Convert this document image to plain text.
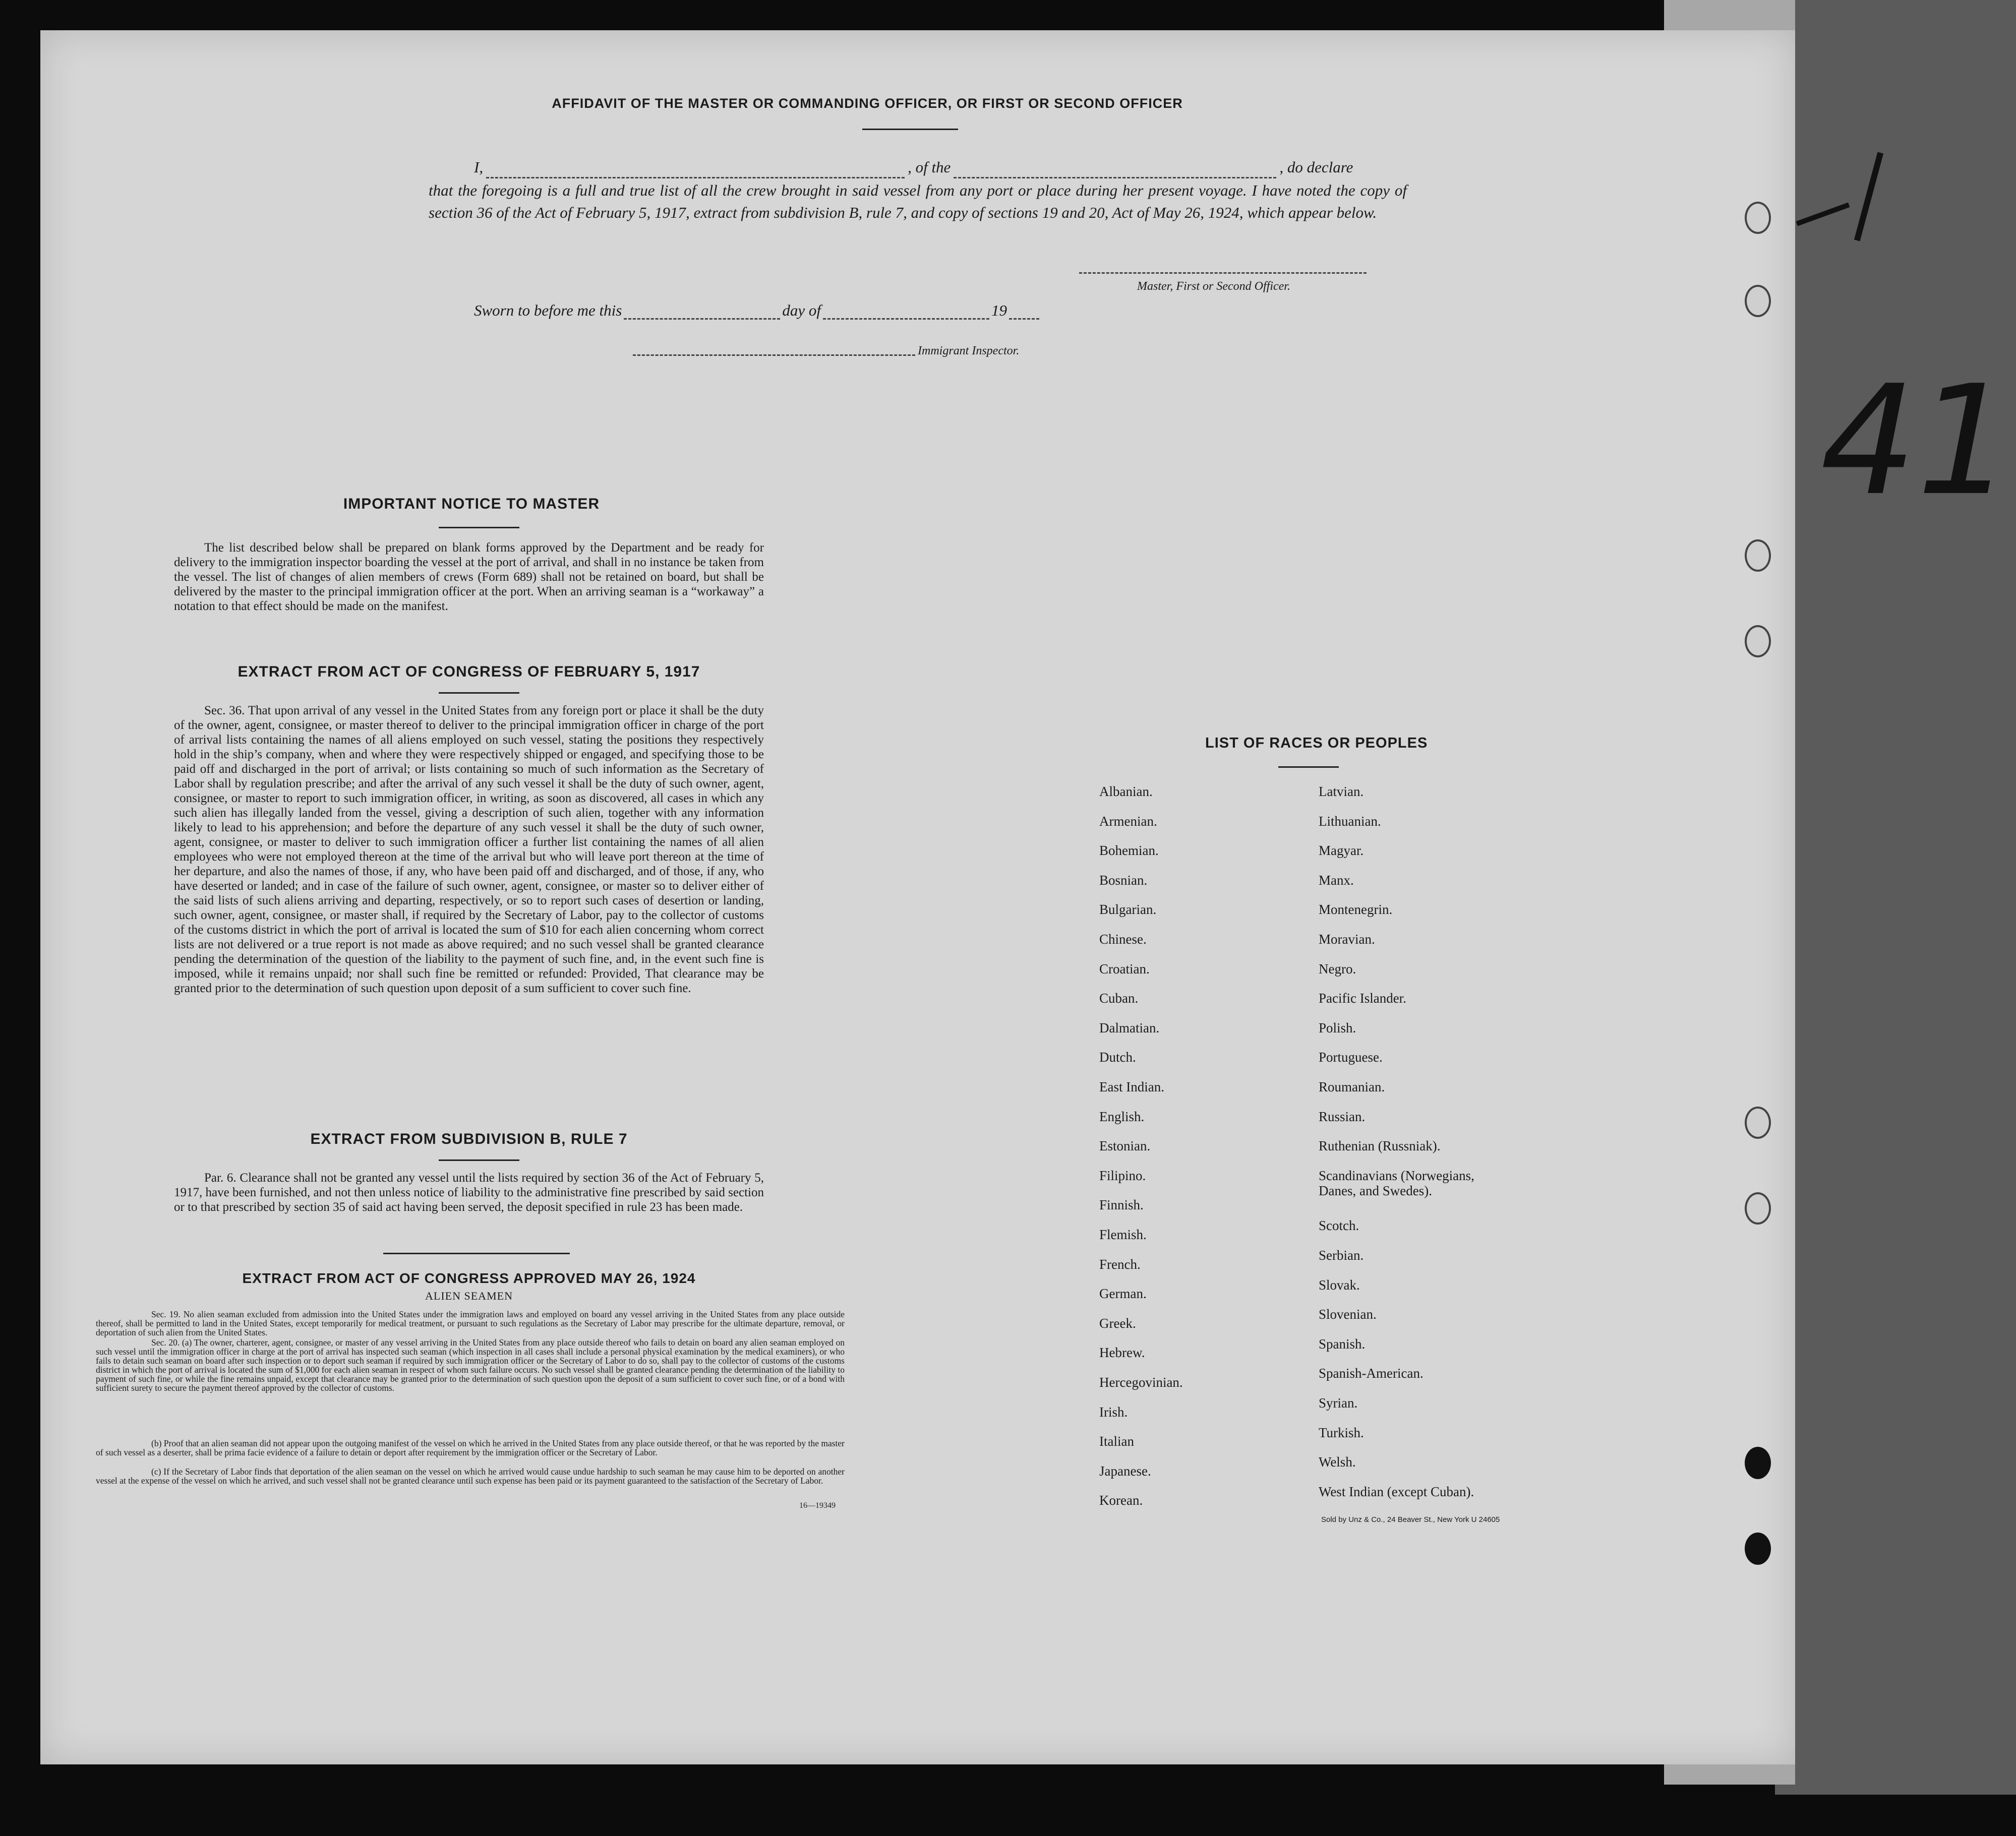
41
AFFIDAVIT OF THE MASTER OR COMMANDING OFFICER, OR FIRST OR SECOND OFFICER
I,	, of the	, do declare
that the foregoing is a full and true list of all the crew brought in said vessel from any port or place during her present voyage. I have noted the copy of section 36 of the Act of February 5, 1917, extract from subdivision B, rule 7, and copy of sections 19 and 20, Act of May 26, 1924, which appear below.
Master, First or Second Officer.
Sworn to before me this	day of	19
Immigrant Inspector.
IMPORTANT NOTICE TO MASTER
The list described below shall be prepared on blank forms approved by the Department and be ready for delivery to the immigration inspector boarding the vessel at the port of arrival, and shall in no instance be taken from the vessel. The list of changes of alien members of crews (Form 689) shall not be retained on board, but shall be delivered by the master to the principal immigration officer at the port. When an arriving seaman is a “workaway” a notation to that effect should be made on the manifest.
EXTRACT FROM ACT OF CONGRESS OF FEBRUARY 5, 1917
Sec. 36. That upon arrival of any vessel in the United States from any foreign port or place it shall be the duty of the owner, agent, consignee, or master thereof to deliver to the principal immigration officer in charge of the port of arrival lists containing the names of all aliens employed on such vessel, stating the positions they respectively hold in the ship’s company, when and where they were respectively shipped or engaged, and specifying those to be paid off and discharged in the port of arrival; or lists containing so much of such information as the Secretary of Labor shall by regulation prescribe; and after the arrival of any such vessel it shall be the duty of such owner, agent, consignee, or master to report to such immigration officer, in writing, as soon as discovered, all cases in which any such alien has illegally landed from the vessel, giving a description of such alien, together with any information likely to lead to his apprehension; and before the departure of any such vessel it shall be the duty of such owner, agent, consignee, or master to deliver to such immigration officer a further list containing the names of all alien employees who were not employed thereon at the time of the arrival but who will leave port thereon at the time of her departure, and also the names of those, if any, who have been paid off and discharged, and of those, if any, who have deserted or landed; and in case of the failure of such owner, agent, consignee, or master so to deliver either of the said lists of such aliens arriving and departing, respectively, or so to report such cases of desertion or landing, such owner, agent, consignee, or master shall, if required by the Secretary of Labor, pay to the collector of customs of the customs district in which the port of arrival is located the sum of $10 for each alien concerning whom correct lists are not delivered or a true report is not made as above required; and no such vessel shall be granted clearance pending the determination of the question of the liability to the payment of such fine, and, in the event such fine is imposed, while it remains unpaid; nor shall such fine be remitted or refunded: Provided, That clearance may be granted prior to the determination of such question upon deposit of a sum sufficient to cover such fine.
EXTRACT FROM SUBDIVISION B, RULE 7
Par. 6. Clearance shall not be granted any vessel until the lists required by section 36 of the Act of February 5, 1917, have been furnished, and not then unless notice of liability to the administrative fine prescribed by said section or to that prescribed by section 35 of said act having been served, the deposit specified in rule 23 has been made.
EXTRACT FROM ACT OF CONGRESS APPROVED MAY 26, 1924
ALIEN SEAMEN
Sec. 19. No alien seaman excluded from admission into the United States under the immigration laws and employed on board any vessel arriving in the United States from any place outside thereof, shall be permitted to land in the United States, except temporarily for medical treatment, or pursuant to such regulations as the Secretary of Labor may prescribe for the ultimate departure, removal, or deportation of such alien from the United States.
Sec. 20. (a) The owner, charterer, agent, consignee, or master of any vessel arriving in the United States from any place outside thereof who fails to detain on board any alien seaman employed on such vessel until the immigration officer in charge at the port of arrival has inspected such seaman (which inspection in all cases shall include a personal physical examination by the medical examiners), or who fails to detain such seaman on board after such inspection or to deport such seaman if required by such immigration officer or the Secretary of Labor to do so, shall pay to the collector of customs of the customs district in which the port of arrival is located the sum of $1,000 for each alien seaman in respect of whom such failure occurs. No such vessel shall be granted clearance pending the determination of the liability to payment of such fine, or while the fine remains unpaid, except that clearance may be granted prior to the determination of such question upon the deposit of a sum sufficient to cover such fine, or of a bond with sufficient surety to secure the payment thereof approved by the collector of customs.
(b) Proof that an alien seaman did not appear upon the outgoing manifest of the vessel on which he arrived in the United States from any place outside thereof, or that he was reported by the master of such vessel as a deserter, shall be prima facie evidence of a failure to detain or deport after requirement by the immigration officer or the Secretary of Labor.
(c) If the Secretary of Labor finds that deportation of the alien seaman on the vessel on which he arrived would cause undue hardship to such seaman he may cause him to be deported on another vessel at the expense of the vessel on which he arrived, and such vessel shall not be granted clearance until such expense has been paid or its payment guaranteed to the satisfaction of the Secretary of Labor.
16—19349
LIST OF RACES OR PEOPLES
Sold by Unz & Co., 24 Beaver St., New York U 24605
Albanian.
Armenian.
Bohemian.
Bosnian.
Bulgarian.
Chinese.
Croatian.
Cuban.
Dalmatian.
Dutch.
East Indian.
English.
Estonian.
Filipino.
Finnish.
Flemish.
French.
German.
Greek.
Hebrew.
Hercegovinian.
Irish.
Italian
Japanese.
Korean.
Latvian.
Lithuanian.
Magyar.
Manx.
Montenegrin.
Moravian.
Negro.
Pacific Islander.
Polish.
Portuguese.
Roumanian.
Russian.
Ruthenian (Russniak).
Scandinavians (Norwegians,
Danes, and Swedes).
Scotch.
Serbian.
Slovak.
Slovenian.
Spanish.
Spanish-American.
Syrian.
Turkish.
Welsh.
West Indian (except Cuban).
